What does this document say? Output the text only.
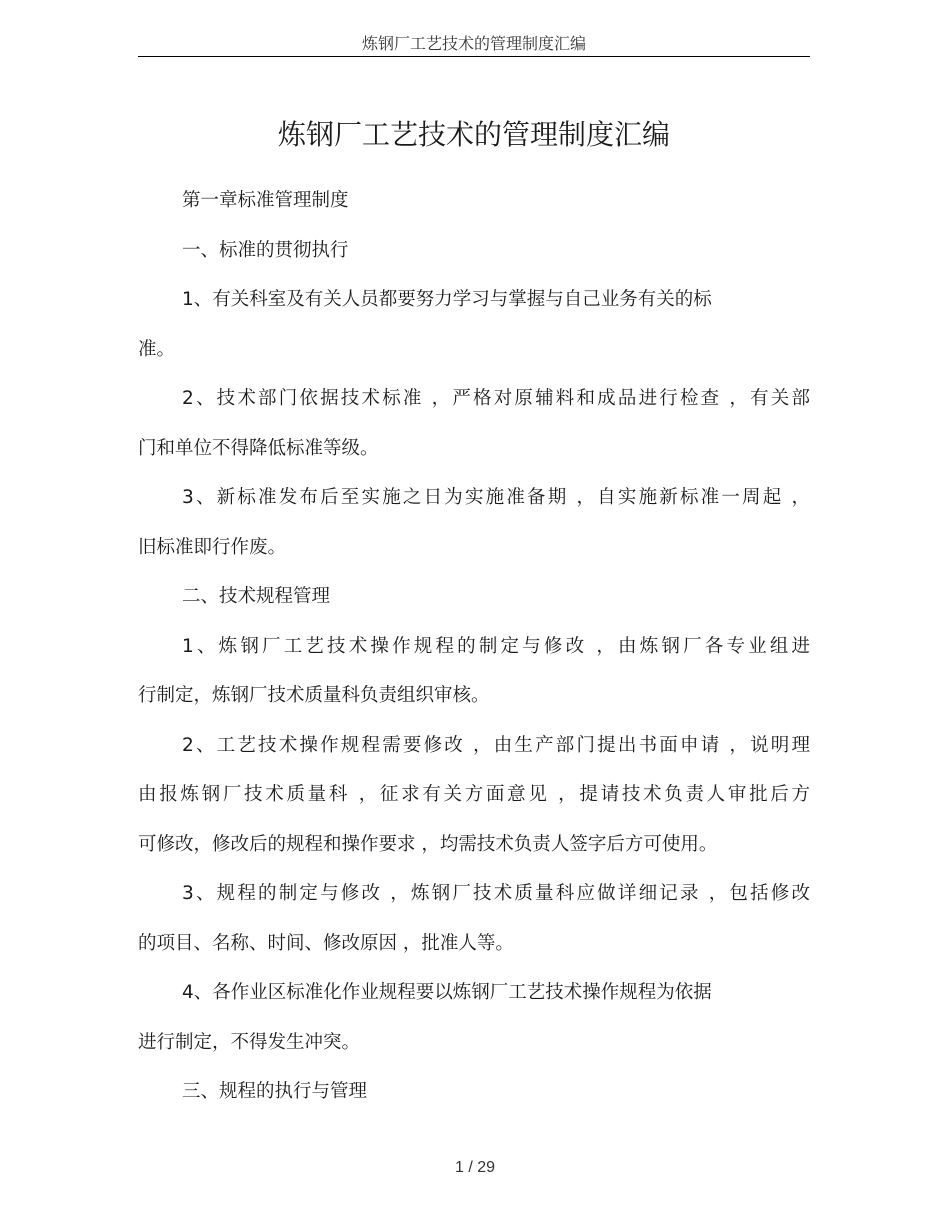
炼钢厂工艺技术的管理制度汇编
炼钢厂工艺技术的管理制度汇编
第一章标准管理制度
一、标准的贯彻执行
1、有关科室及有关人员都要努力学习与掌握与自己业务有关的标
准。
2、技术部门依据技术标准 ，严格对原辅料和成品进行检查 ，有关部
门和单位不得降低标准等级。
3、新标准发布后至实施之日为实施准备期 ，自实施新标准一周起 ，
旧标准即行作废。
二、技术规程管理
1、炼钢厂工艺技术操作规程的制定与修改 ，由炼钢厂各专业组进
行制定，炼钢厂技术质量科负责组织审核。
2、工艺技术操作规程需要修改 ，由生产部门提出书面申请 ，说明理
由报炼钢厂技术质量科 ，征求有关方面意见 ，提请技术负责人审批后方
可修改，修改后的规程和操作要求 ，均需技术负责人签字后方可使用。
3、规程的制定与修改 ，炼钢厂技术质量科应做详细记录 ，包括修改
的项目、名称、时间、修改原因 ，批准人等。
4、各作业区标准化作业规程要以炼钢厂工艺技术操作规程为依据
进行制定，不得发生冲突。
三、规程的执行与管理
1 / 29
